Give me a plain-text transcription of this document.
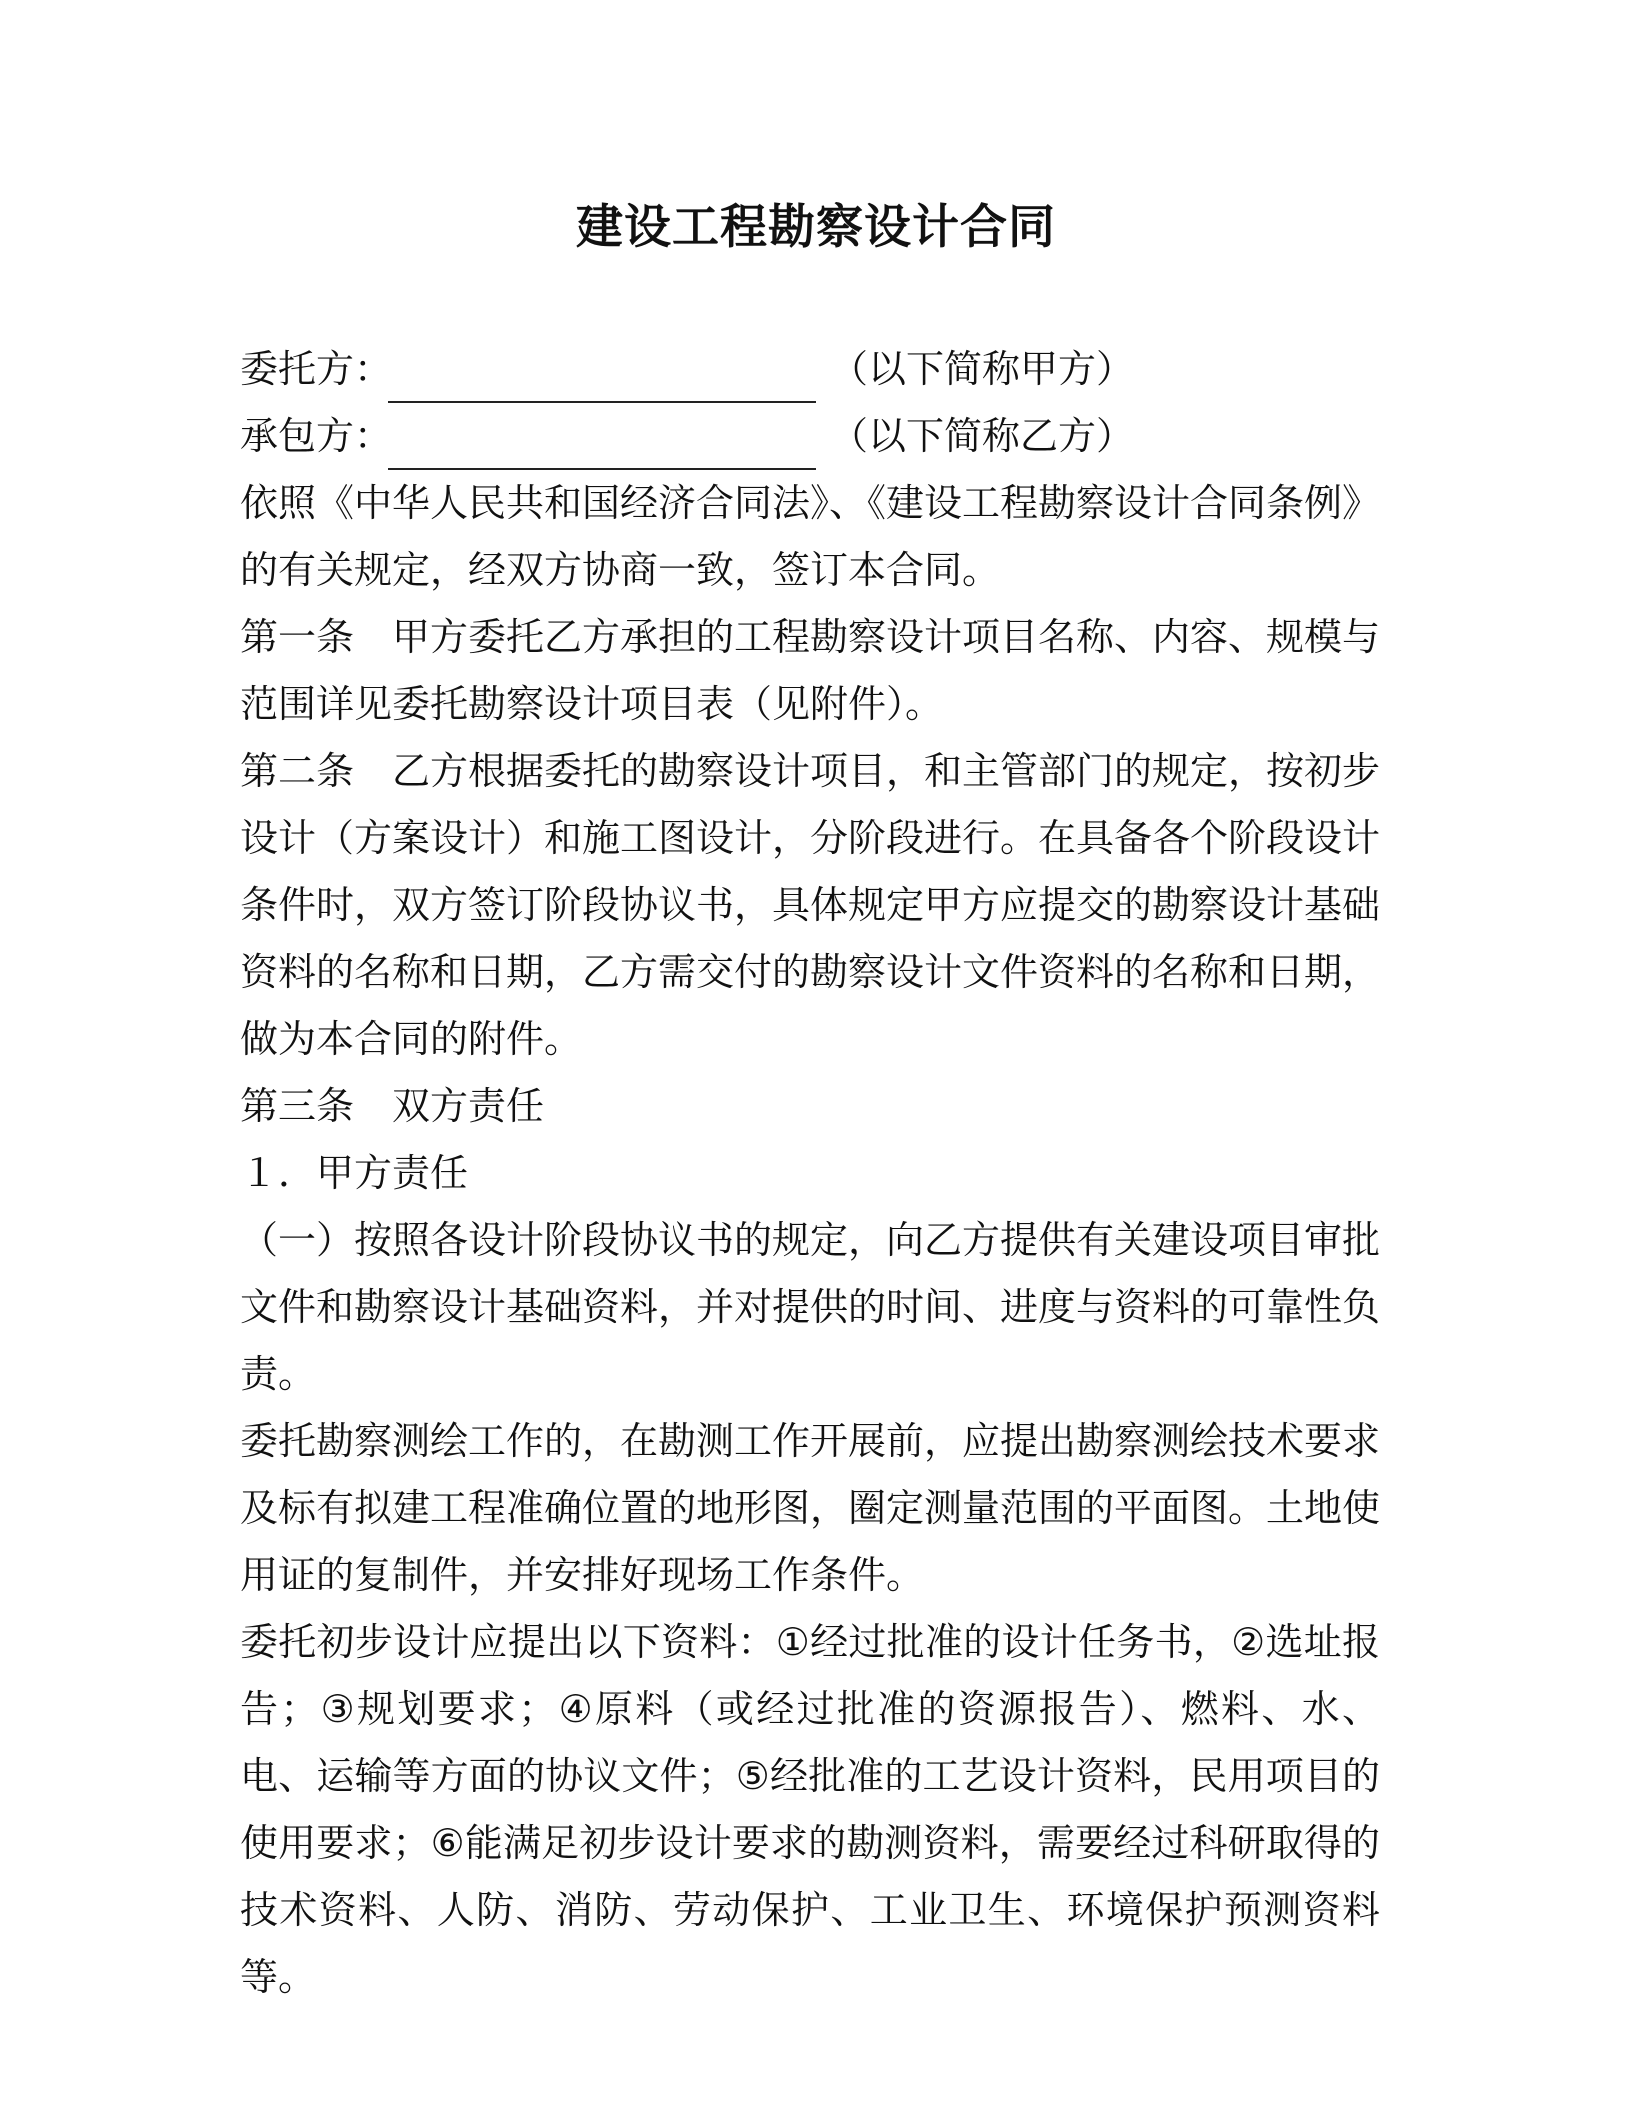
建设工程勘察设计合同
委托方：	（以下简称甲方）
承包方：	（以下简称乙方）

依照《中华人民共和国经济合同法》、《建设工程勘察设计合同条例》的有关规定，经双方协商一致，签订本合同。

第一条　甲方委托乙方承担的工程勘察设计项目名称、内容、规模与范围详见委托勘察设计项目表（见附件）。

第二条　乙方根据委托的勘察设计项目，和主管部门的规定，按初步设计（方案设计）和施工图设计，分阶段进行。在具备各个阶段设计条件时，双方签订阶段协议书，具体规定甲方应提交的勘察设计基础资料的名称和日期，乙方需交付的勘察设计文件资料的名称和日期，做为本合同的附件。

第三条　双方责任

１．甲方责任

（一）按照各设计阶段协议书的规定，向乙方提供有关建设项目审批文件和勘察设计基础资料，并对提供的时间、进度与资料的可靠性负责。

委托勘察测绘工作的，在勘测工作开展前，应提出勘察测绘技术要求及标有拟建工程准确位置的地形图，圈定测量范围的平面图。土地使用证的复制件，并安排好现场工作条件。

委托初步设计应提出以下资料：①经过批准的设计任务书，②选址报告；③规划要求；④原料（或经过批准的资源报告）、燃料、水、电、运输等方面的协议文件；⑤经批准的工艺设计资料，民用项目的使用要求；⑥能满足初步设计要求的勘测资料，需要经过科研取得的技术资料、人防、消防、劳动保护、工业卫生、环境保护预测资料等。
